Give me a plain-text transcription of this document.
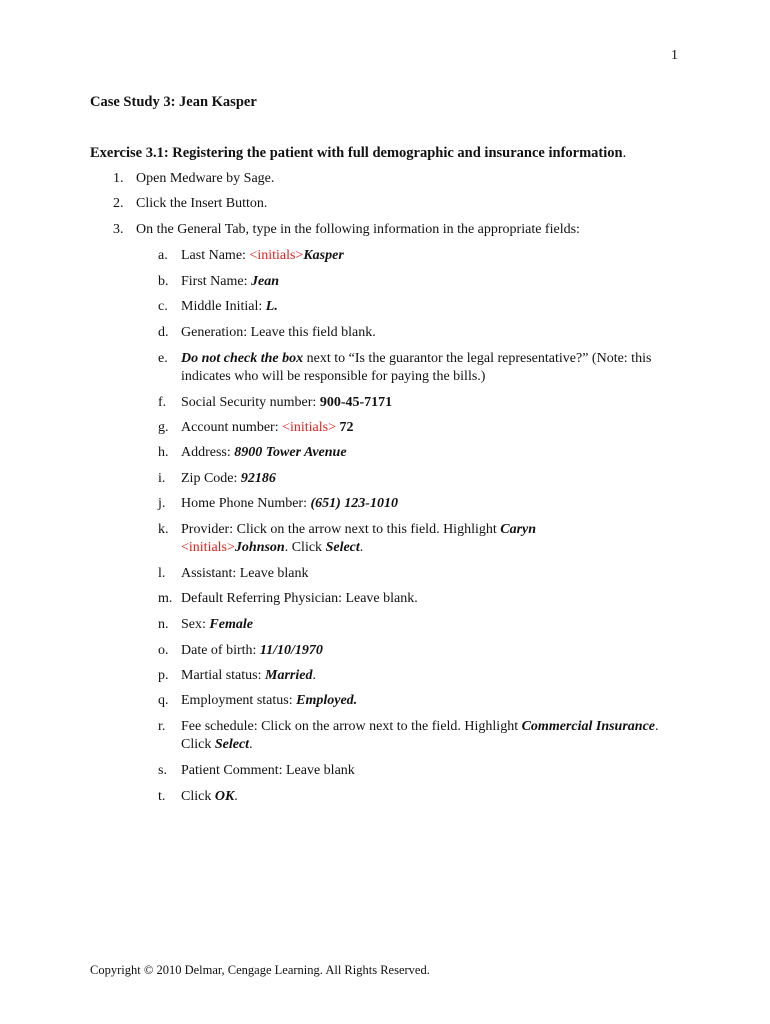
1
Case Study 3: Jean Kasper
Exercise 3.1: Registering the patient with full demographic and insurance information.
1. Open Medware by Sage.
2. Click the Insert Button.
3. On the General Tab, type in the following information in the appropriate fields:
a. Last Name: <initials>Kasper
b. First Name: Jean
c. Middle Initial: L.
d. Generation: Leave this field blank.
e. Do not check the box next to “Is the guarantor the legal representative?” (Note: this indicates who will be responsible for paying the bills.)
f. Social Security number: 900-45-7171
g. Account number: <initials> 72
h. Address: 8900 Tower Avenue
i. Zip Code: 92186
j. Home Phone Number: (651) 123-1010
k. Provider: Click on the arrow next to this field. Highlight Caryn
<initials>Johnson. Click Select.
l. Assistant: Leave blank
m. Default Referring Physician: Leave blank.
n. Sex: Female
o. Date of birth: 11/10/1970
p. Martial status: Married.
q. Employment status: Employed.
r. Fee schedule: Click on the arrow next to the field. Highlight Commercial Insurance. Click Select.
s. Patient Comment: Leave blank
t. Click OK.
Copyright © 2010 Delmar, Cengage Learning. All Rights Reserved.
